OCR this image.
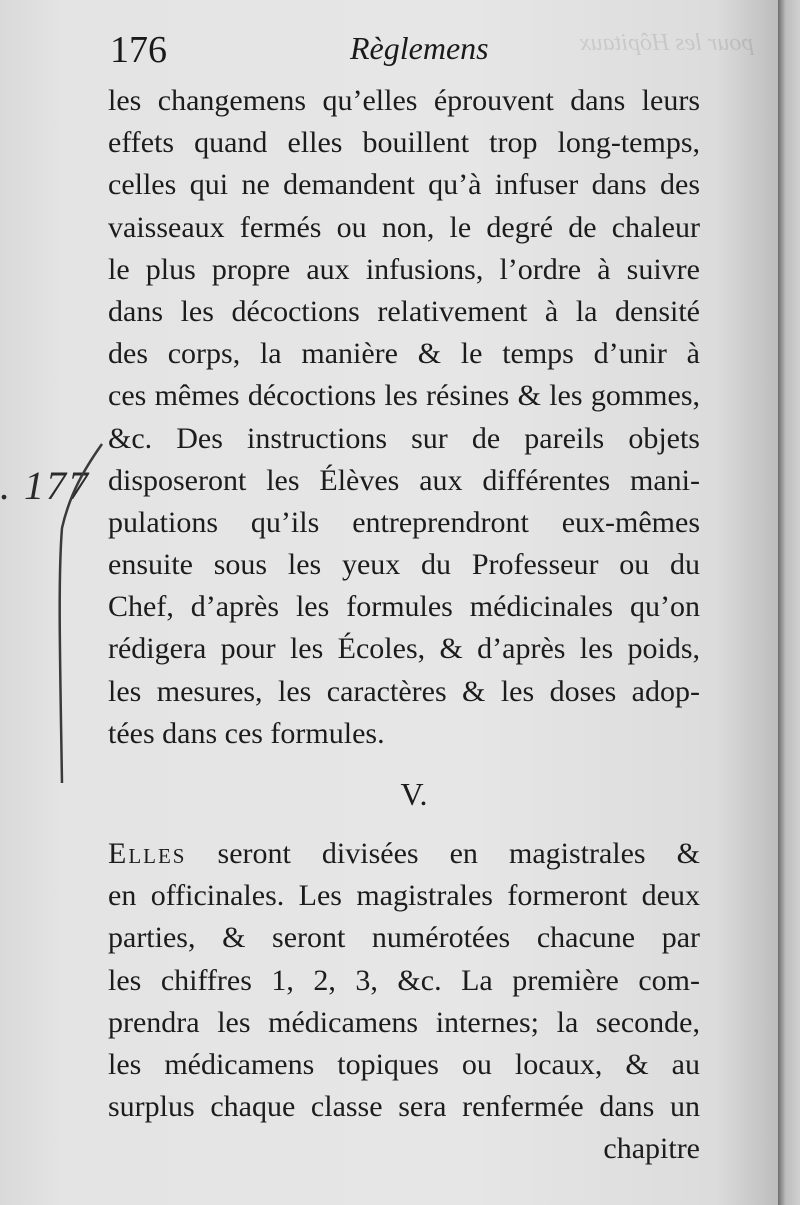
pour les Hôpitaux
176	Règlemens
. 177
les changemens qu’elles éprouvent dans leurs
effets quand elles bouillent trop long-temps,
celles qui ne demandent qu’à infuser dans des
vaisseaux fermés ou non, le degré de chaleur
le plus propre aux infusions, l’ordre à suivre
dans les décoctions relativement à la densité
des corps, la manière & le temps d’unir à
ces mêmes décoctions les résines & les gommes,
&c. Des instructions sur de pareils objets
disposeront les Élèves aux différentes mani-
pulations qu’ils entreprendront eux-mêmes
ensuite sous les yeux du Professeur ou du
Chef, d’après les formules médicinales qu’on
rédigera pour les Écoles, & d’après les poids,
les mesures, les caractères & les doses adop-
tées dans ces formules.
V.
Elles seront divisées en magistrales &
en officinales. Les magistrales formeront deux
parties, & seront numérotées chacune par
les chiffres 1, 2, 3, &c. La première com-
prendra les médicamens internes; la seconde,
les médicamens topiques ou locaux, & au
surplus chaque classe sera renfermée dans un
chapitre
